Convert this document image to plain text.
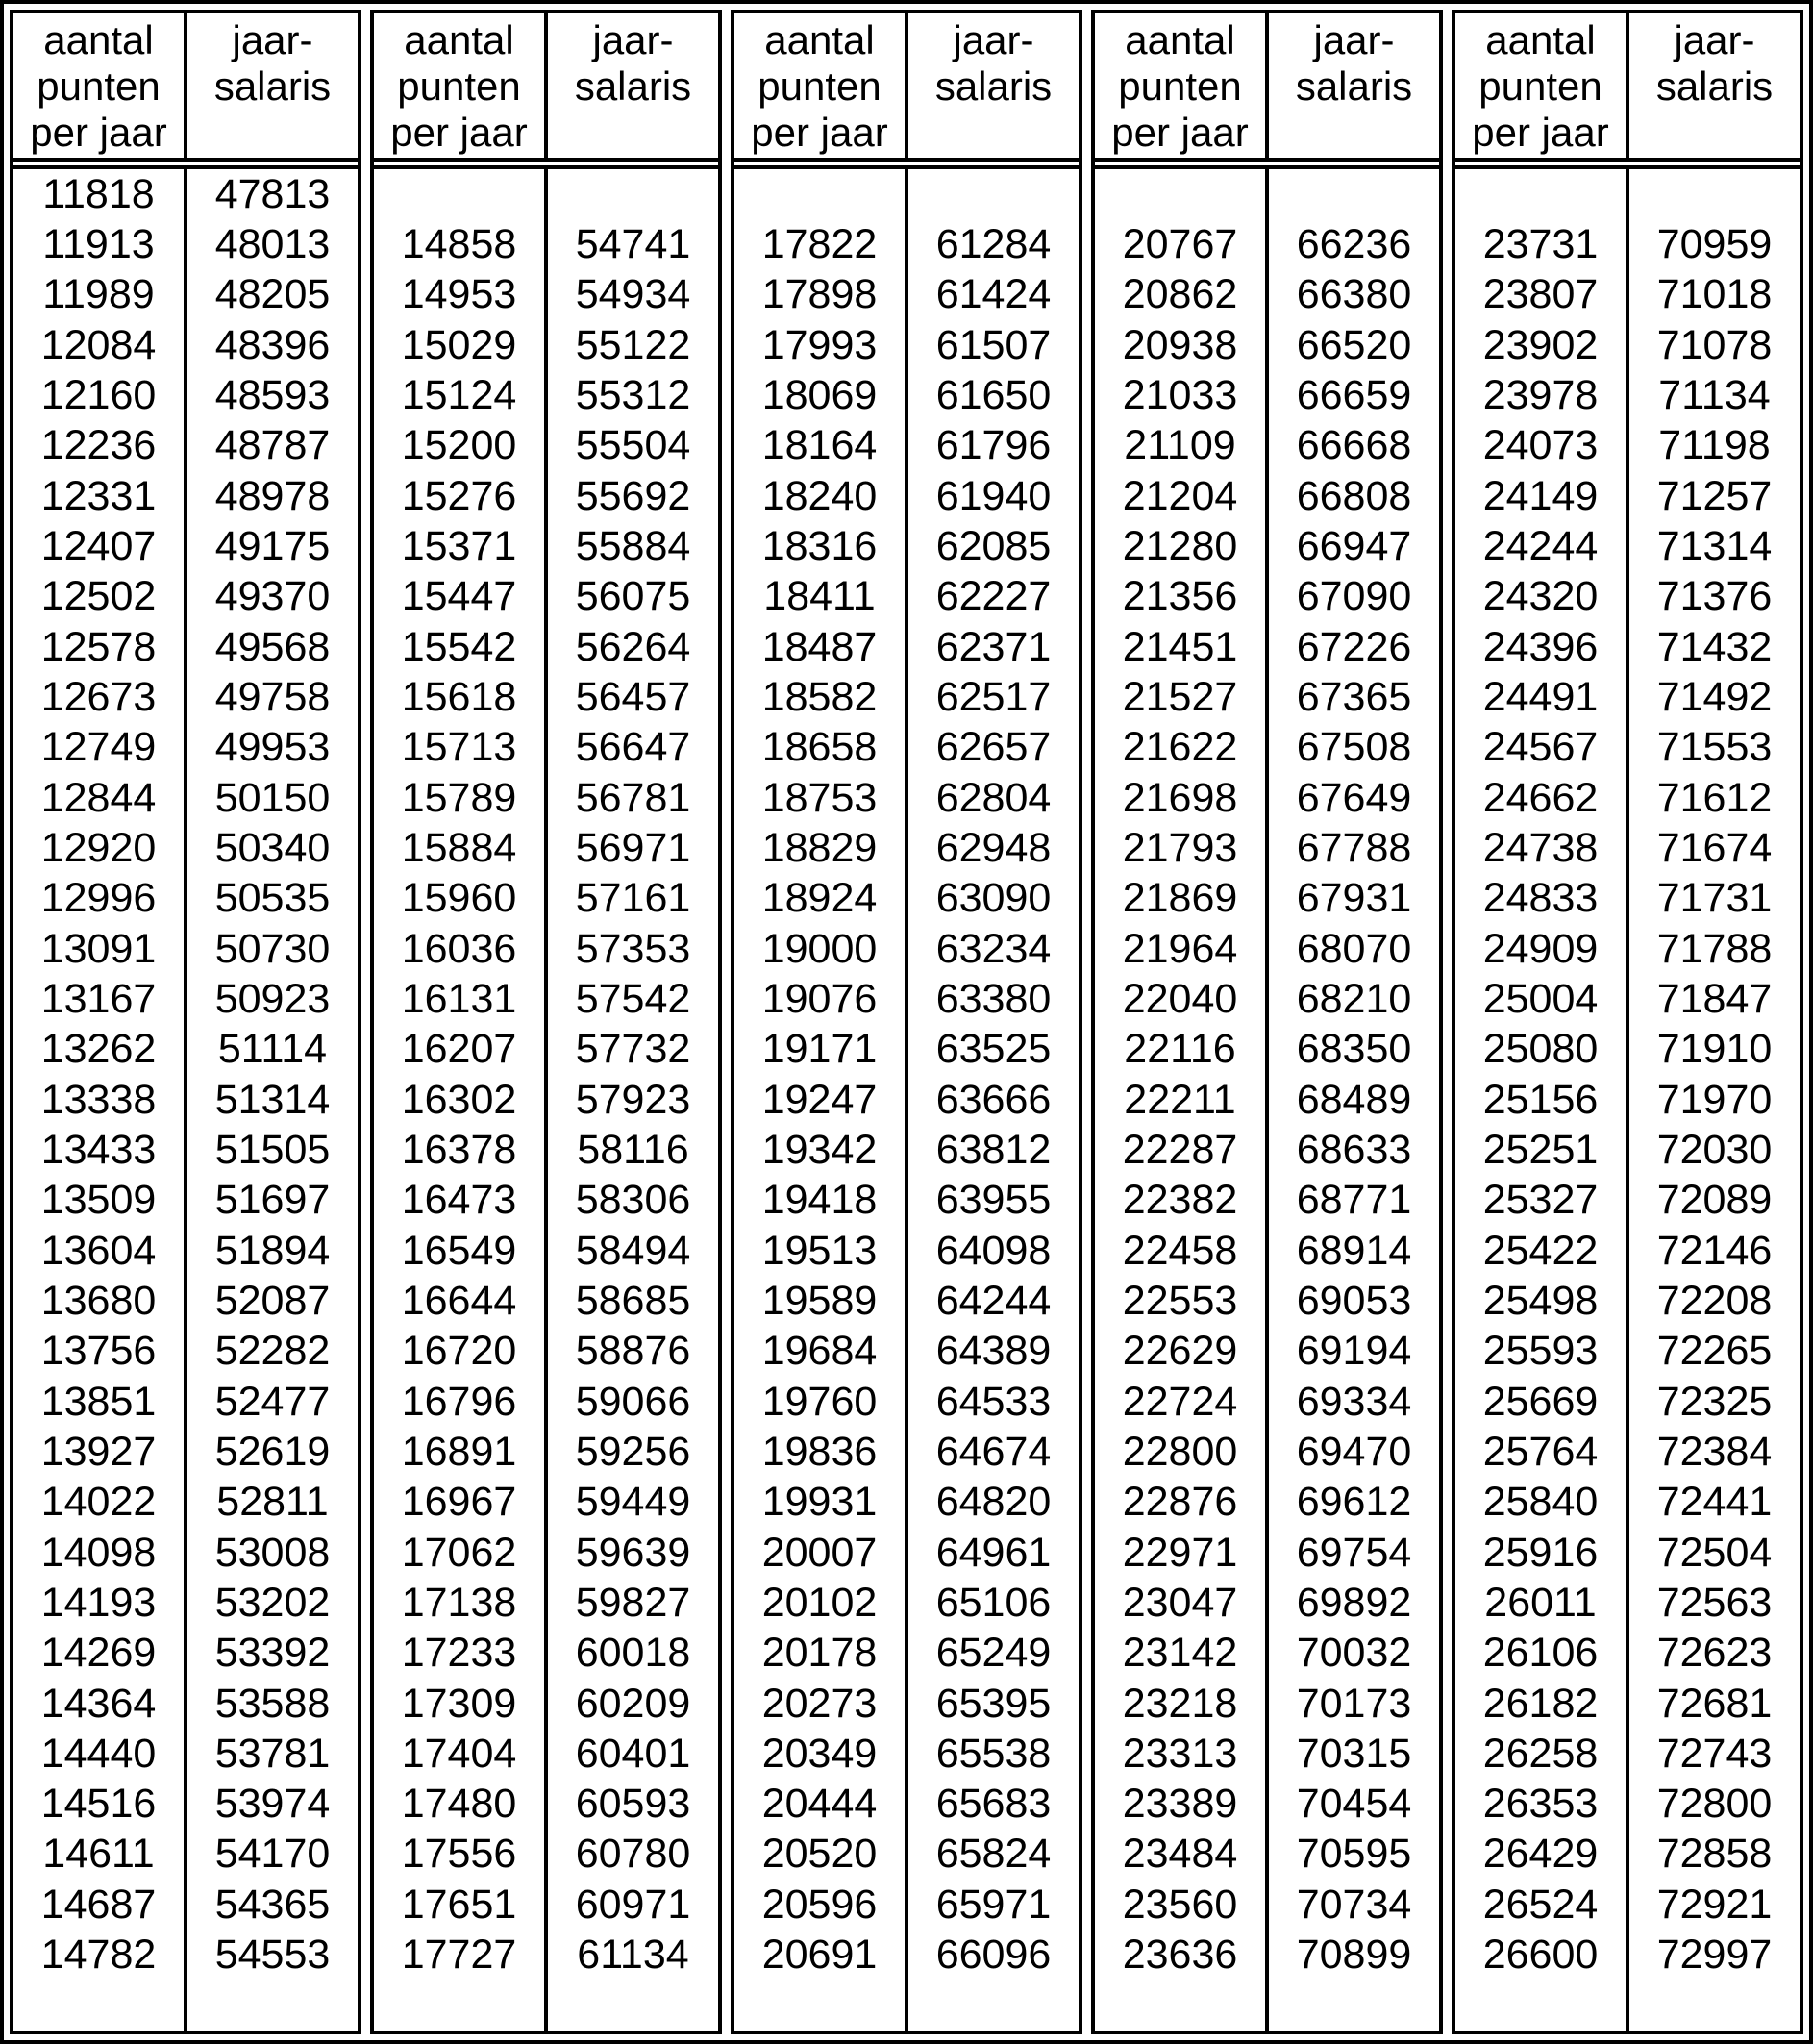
aantal
punten
per jaar
jaar-
salaris
11818
11913
11989
12084
12160
12236
12331
12407
12502
12578
12673
12749
12844
12920
12996
13091
13167
13262
13338
13433
13509
13604
13680
13756
13851
13927
14022
14098
14193
14269
14364
14440
14516
14611
14687
14782
47813
48013
48205
48396
48593
48787
48978
49175
49370
49568
49758
49953
50150
50340
50535
50730
50923
51114
51314
51505
51697
51894
52087
52282
52477
52619
52811
53008
53202
53392
53588
53781
53974
54170
54365
54553
aantal
punten
per jaar
jaar-
salaris
14858
14953
15029
15124
15200
15276
15371
15447
15542
15618
15713
15789
15884
15960
16036
16131
16207
16302
16378
16473
16549
16644
16720
16796
16891
16967
17062
17138
17233
17309
17404
17480
17556
17651
17727
54741
54934
55122
55312
55504
55692
55884
56075
56264
56457
56647
56781
56971
57161
57353
57542
57732
57923
58116
58306
58494
58685
58876
59066
59256
59449
59639
59827
60018
60209
60401
60593
60780
60971
61134
aantal
punten
per jaar
jaar-
salaris
17822
17898
17993
18069
18164
18240
18316
18411
18487
18582
18658
18753
18829
18924
19000
19076
19171
19247
19342
19418
19513
19589
19684
19760
19836
19931
20007
20102
20178
20273
20349
20444
20520
20596
20691
61284
61424
61507
61650
61796
61940
62085
62227
62371
62517
62657
62804
62948
63090
63234
63380
63525
63666
63812
63955
64098
64244
64389
64533
64674
64820
64961
65106
65249
65395
65538
65683
65824
65971
66096
aantal
punten
per jaar
jaar-
salaris
20767
20862
20938
21033
21109
21204
21280
21356
21451
21527
21622
21698
21793
21869
21964
22040
22116
22211
22287
22382
22458
22553
22629
22724
22800
22876
22971
23047
23142
23218
23313
23389
23484
23560
23636
66236
66380
66520
66659
66668
66808
66947
67090
67226
67365
67508
67649
67788
67931
68070
68210
68350
68489
68633
68771
68914
69053
69194
69334
69470
69612
69754
69892
70032
70173
70315
70454
70595
70734
70899
aantal
punten
per jaar
jaar-
salaris
23731
23807
23902
23978
24073
24149
24244
24320
24396
24491
24567
24662
24738
24833
24909
25004
25080
25156
25251
25327
25422
25498
25593
25669
25764
25840
25916
26011
26106
26182
26258
26353
26429
26524
26600
70959
71018
71078
71134
71198
71257
71314
71376
71432
71492
71553
71612
71674
71731
71788
71847
71910
71970
72030
72089
72146
72208
72265
72325
72384
72441
72504
72563
72623
72681
72743
72800
72858
72921
72997
